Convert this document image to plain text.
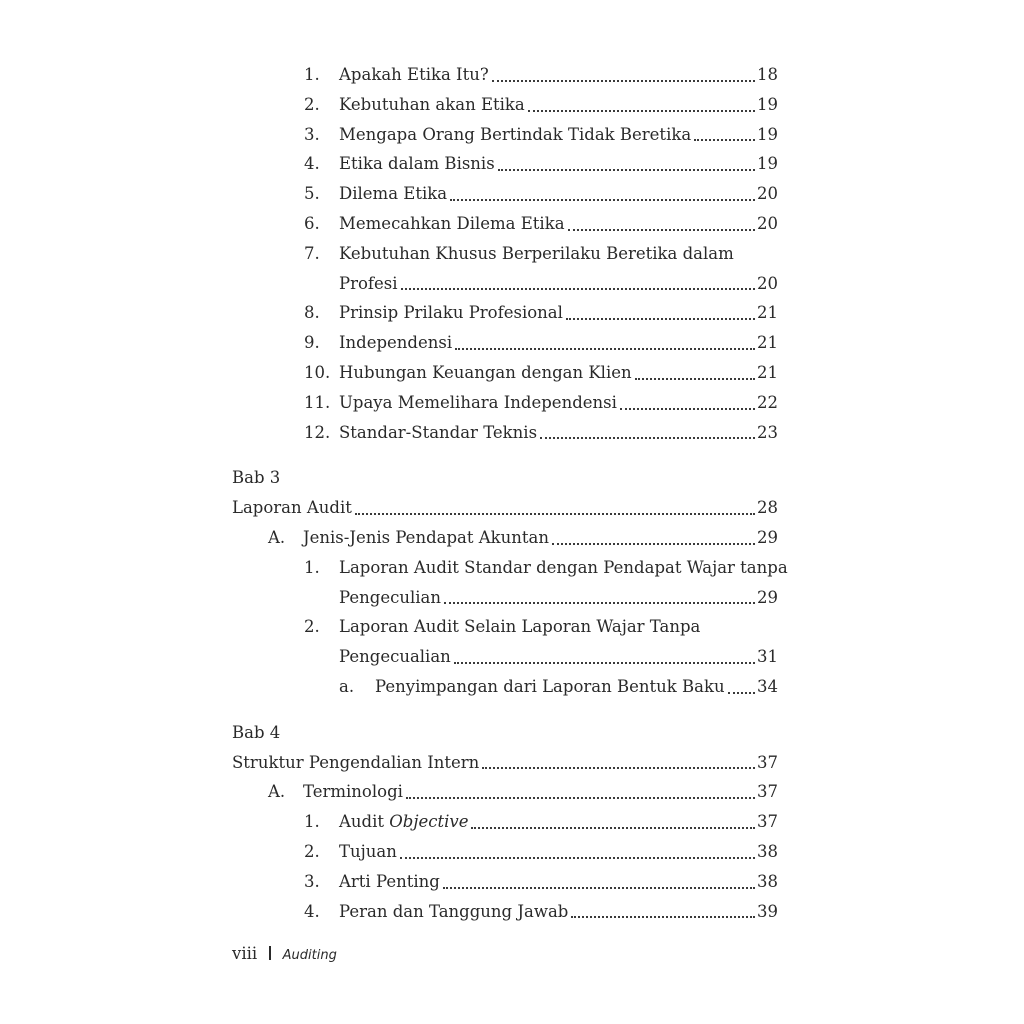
1.	Apakah Etika Itu?	18
2.	Kebutuhan akan Etika	19
3.	Mengapa Orang Bertindak Tidak Beretika	19
4.	Etika dalam Bisnis	19
5.	Dilema Etika	20
6.	Memecahkan Dilema Etika	20
7.	Kebutuhan Khusus Berperilaku Beretika dalam
Profesi	20
8.	Prinsip Prilaku Profesional	21
9.	Independensi	21
10. Hubungan Keuangan dengan Klien	21
11. Upaya Memelihara Independensi	22
12. Standar-Standar Teknis	23
Bab 3
Laporan Audit	28
A.	Jenis-Jenis Pendapat Akuntan	29
1.	Laporan Audit Standar dengan Pendapat Wajar tanpa
Pengeculian	29
2.	Laporan Audit Selain Laporan Wajar Tanpa
Pengecualian	31
a.	Penyimpangan dari Laporan Bentuk Baku 34
Bab 4
Struktur Pengendalian Intern	37
A.	Terminologi	37
1.	Audit Objective	37
2.	Tujuan	38
3.	Arti Penting	38
4.	Peran dan Tanggung Jawab	39
viii Auditing
